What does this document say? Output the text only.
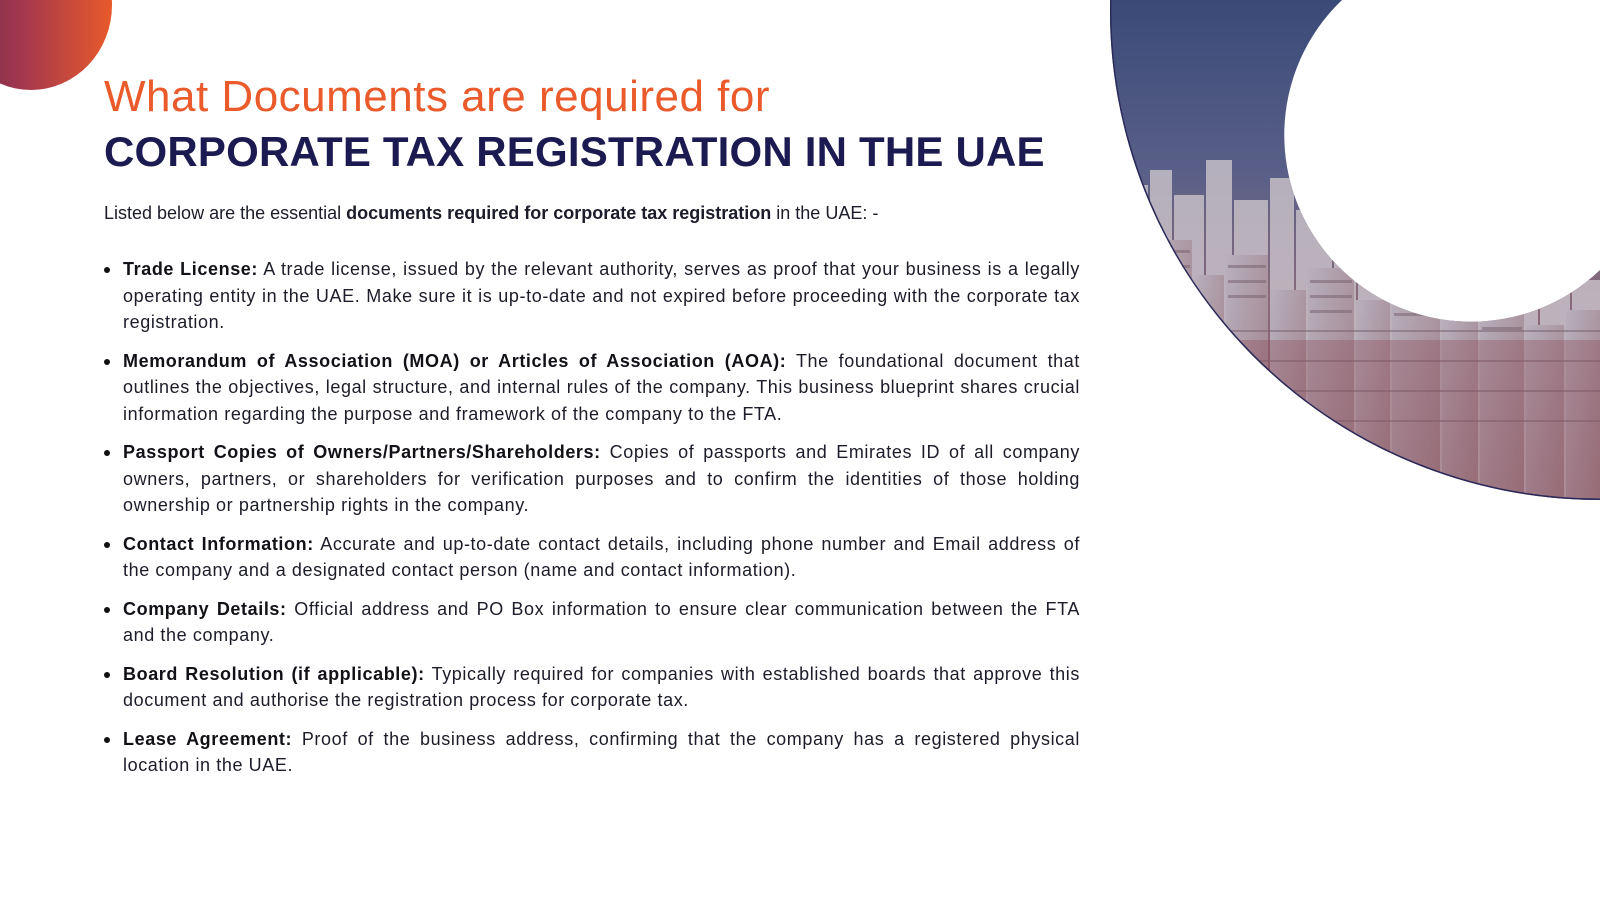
What Documents are required for
CORPORATE TAX REGISTRATION IN THE UAE

Listed below are the essential documents required for corporate tax registration in the UAE: -

Trade License: A trade license, issued by the relevant authority, serves as proof that your business is a legally operating entity in the UAE. Make sure it is up-to-date and not expired before proceeding with the corporate tax registration.
Memorandum of Association (MOA) or Articles of Association (AOA): The foundational document that outlines the objectives, legal structure, and internal rules of the company. This business blueprint shares crucial information regarding the purpose and framework of the company to the FTA.
Passport Copies of Owners/Partners/Shareholders: Copies of passports and Emirates ID of all company owners, partners, or shareholders for verification purposes and to confirm the identities of those holding ownership or partnership rights in the company.
Contact Information: Accurate and up-to-date contact details, including phone number and Email address of the company and a designated contact person (name and contact information).
Company Details: Official address and PO Box information to ensure clear communication between the FTA and the company.
Board Resolution (if applicable): Typically required for companies with established boards that approve this document and authorise the registration process for corporate tax.
Lease Agreement: Proof of the business address, confirming that the company has a registered physical location in the UAE.
